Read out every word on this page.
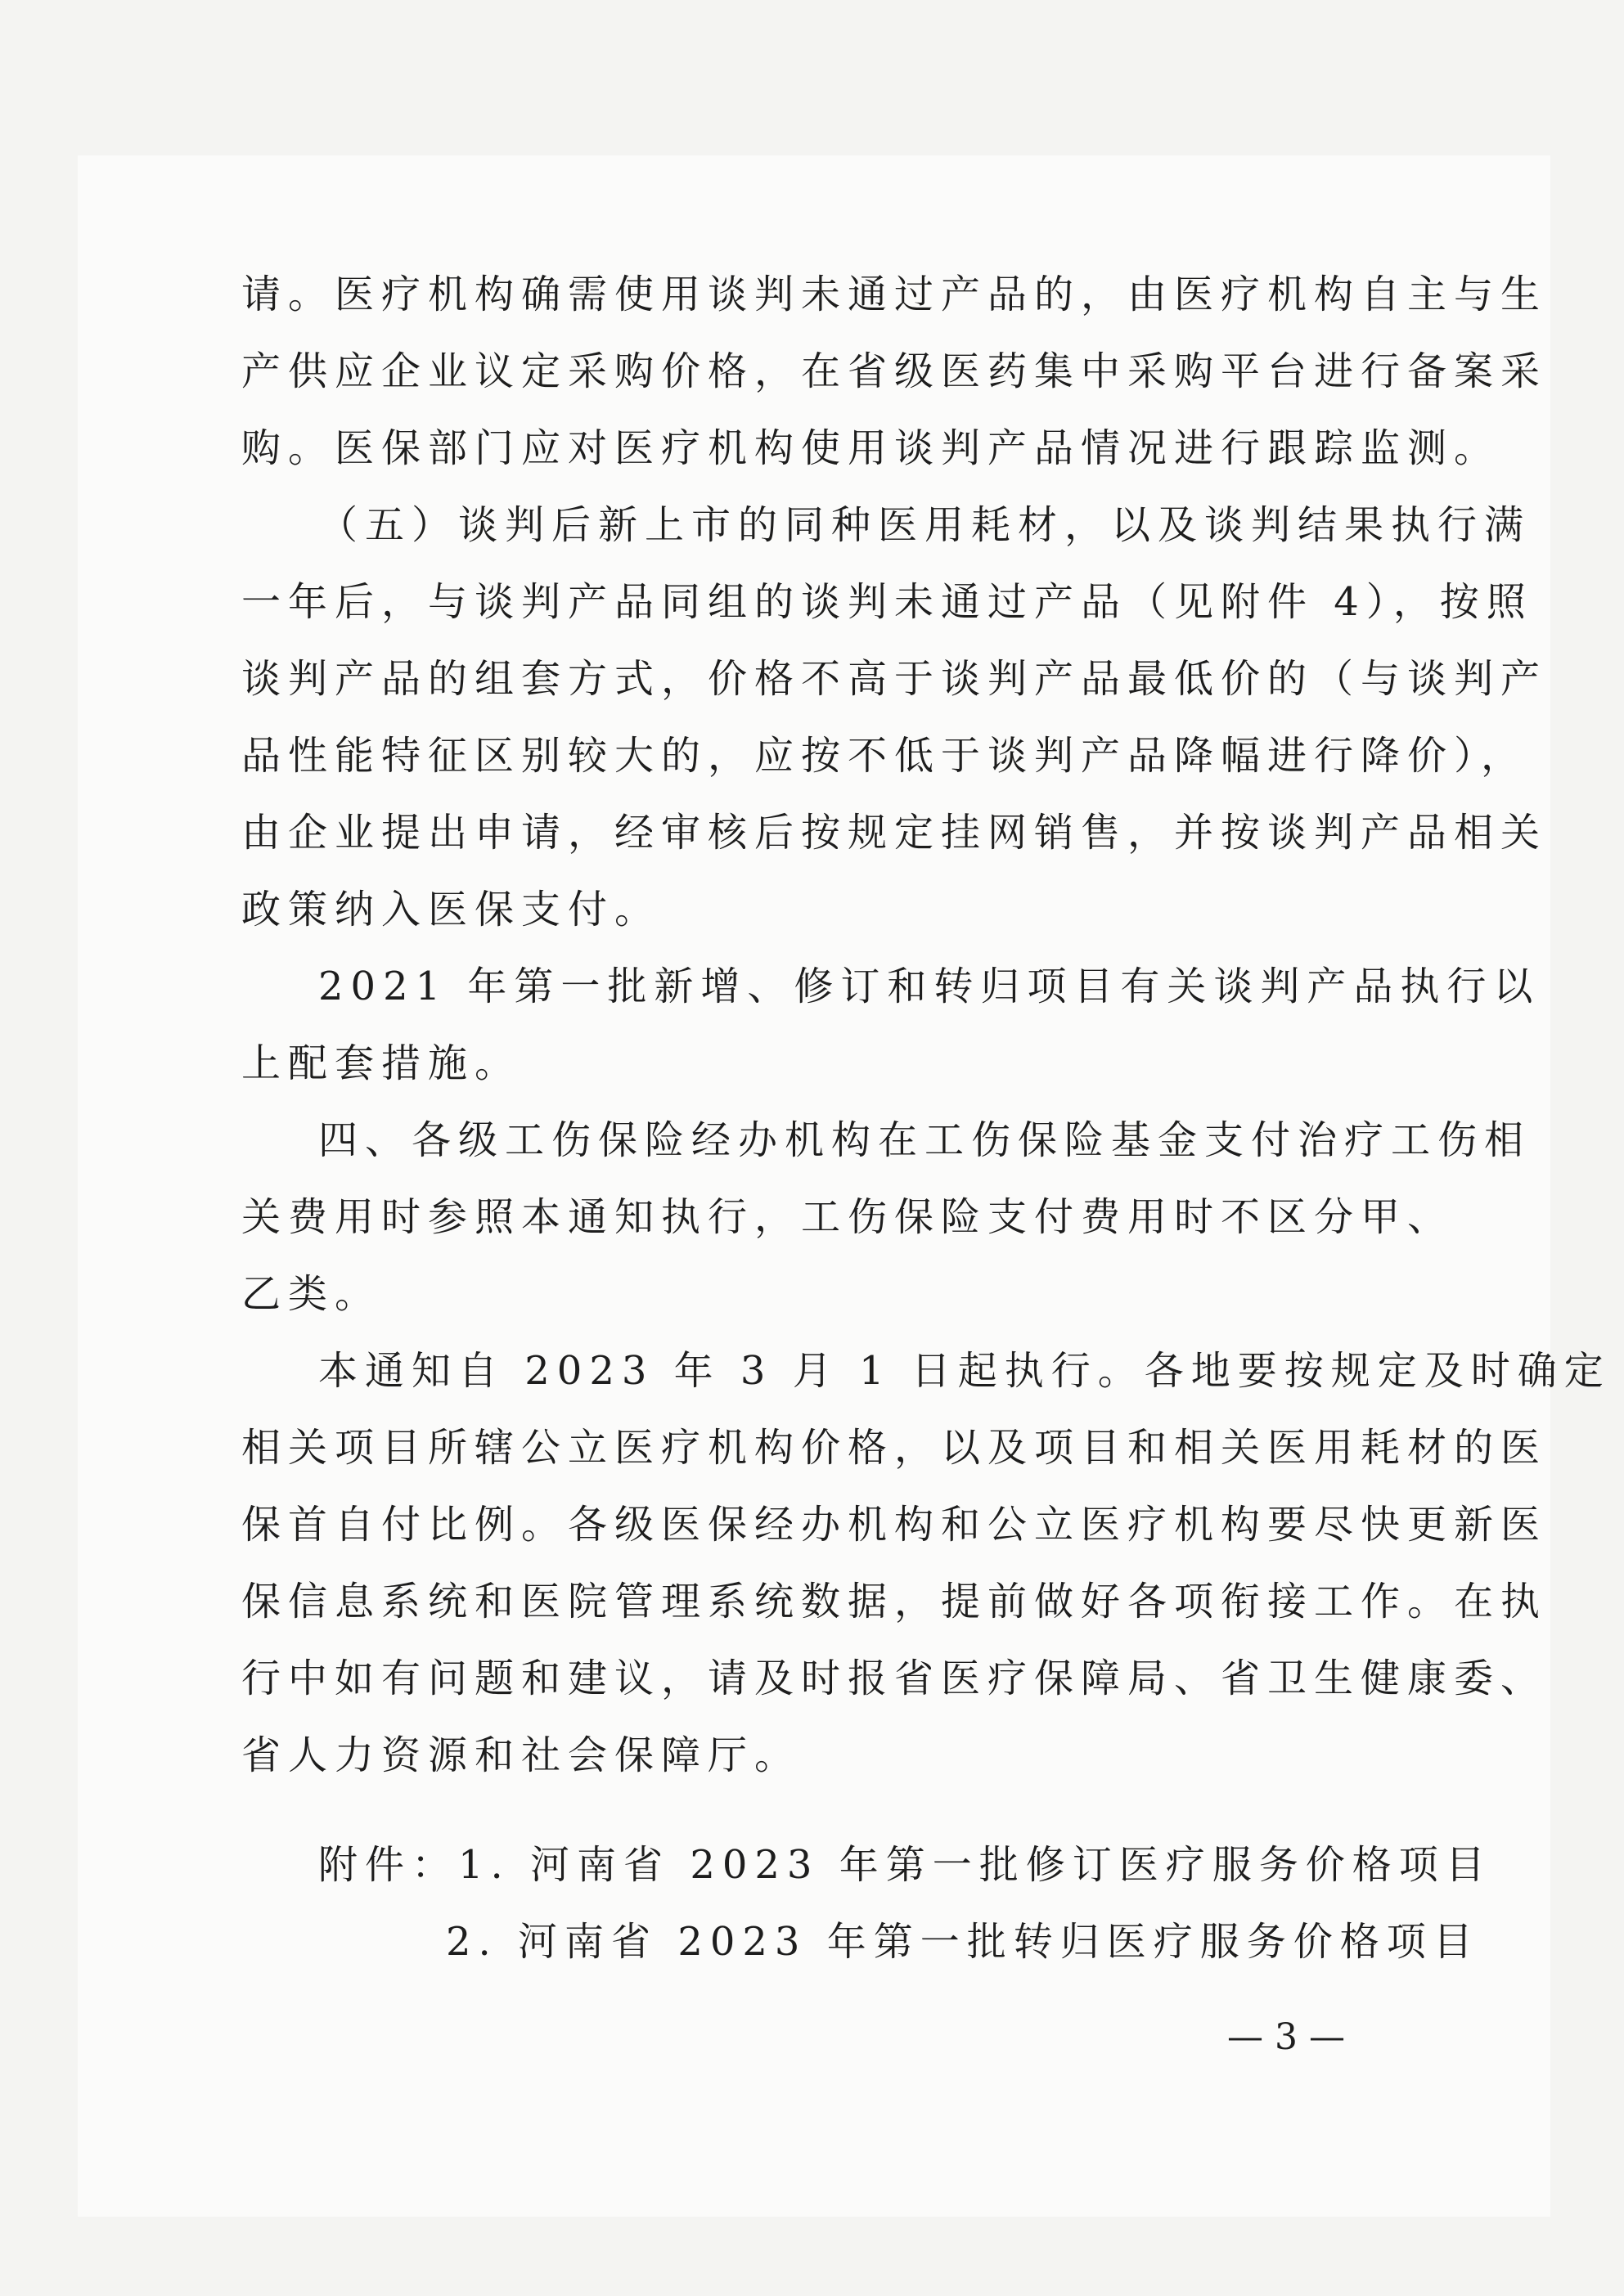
请。医疗机构确需使用谈判未通过产品的，由医疗机构自主与生
产供应企业议定采购价格，在省级医药集中采购平台进行备案采
购。医保部门应对医疗机构使用谈判产品情况进行跟踪监测。
（五）谈判后新上市的同种医用耗材，以及谈判结果执行满
一年后，与谈判产品同组的谈判未通过产品（见附件 4），按照
谈判产品的组套方式，价格不高于谈判产品最低价的（与谈判产
品性能特征区别较大的，应按不低于谈判产品降幅进行降价），
由企业提出申请，经审核后按规定挂网销售，并按谈判产品相关
政策纳入医保支付。
2021 年第一批新增、修订和转归项目有关谈判产品执行以
上配套措施。
四、各级工伤保险经办机构在工伤保险基金支付治疗工伤相
关费用时参照本通知执行，工伤保险支付费用时不区分甲、
乙类。
本通知自 2023 年 3 月 1 日起执行。各地要按规定及时确定
相关项目所辖公立医疗机构价格，以及项目和相关医用耗材的医
保首自付比例。各级医保经办机构和公立医疗机构要尽快更新医
保信息系统和医院管理系统数据，提前做好各项衔接工作。在执
行中如有问题和建议，请及时报省医疗保障局、省卫生健康委、
省人力资源和社会保障厅。
附件：1. 河南省 2023 年第一批修订医疗服务价格项目
2. 河南省 2023 年第一批转归医疗服务价格项目
— 3 —
